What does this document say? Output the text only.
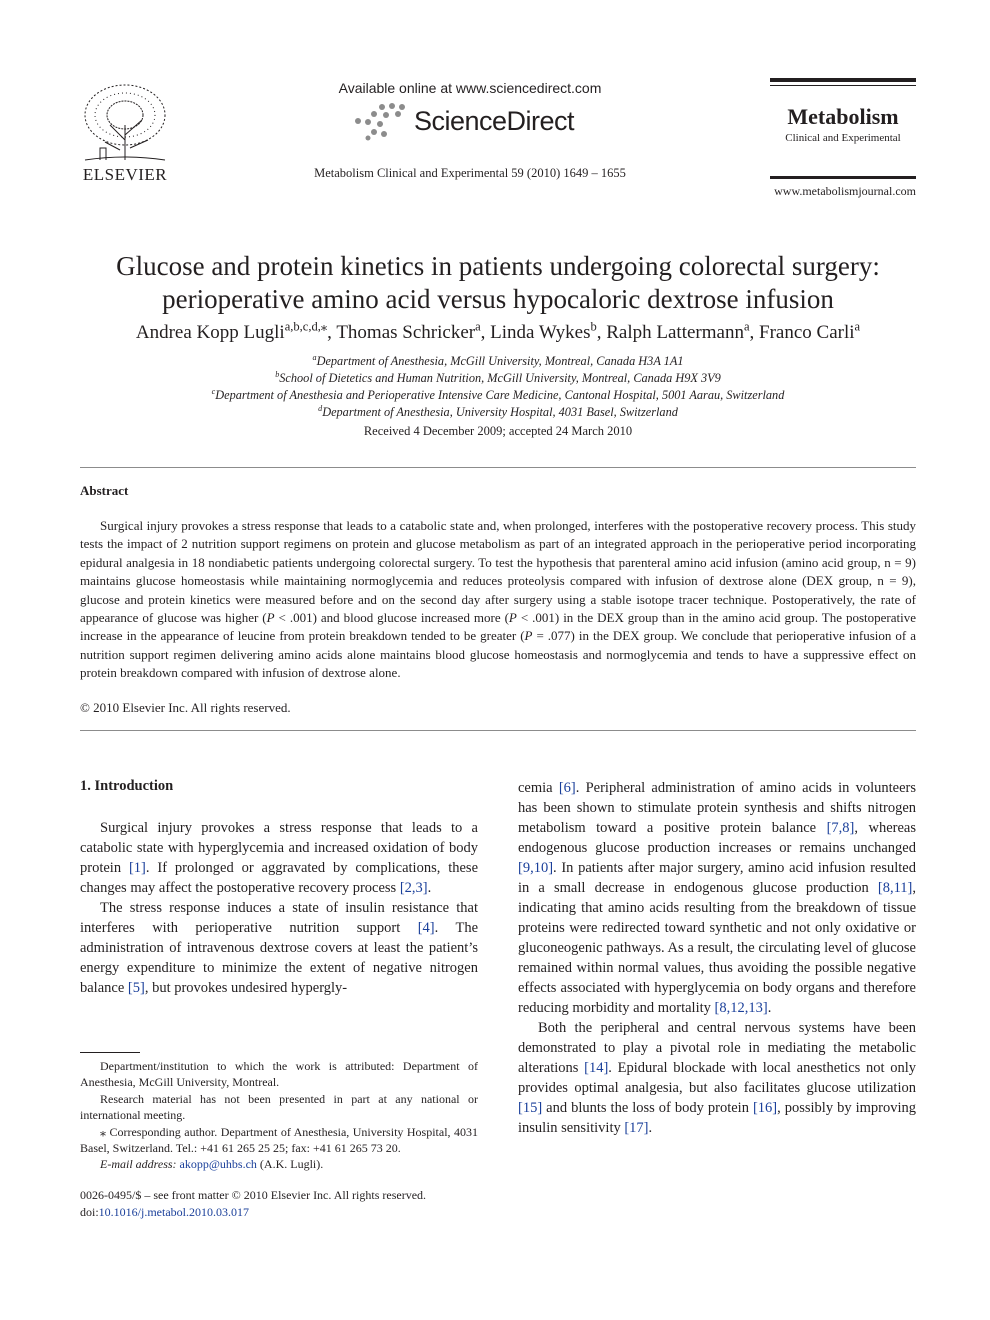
ELSEVIER
Available online at www.sciencedirect.com
ScienceDirect
Metabolism Clinical and Experimental 59 (2010) 1649 – 1655
Metabolism
Clinical and Experimental
www.metabolismjournal.com
Glucose and protein kinetics in patients undergoing colorectal surgery:
perioperative amino acid versus hypocaloric dextrose infusion
Andrea Kopp Lugli$^{a,b,c,d,⁎}$, Thomas Schricker$^a$, Linda Wykes$^b$, Ralph Lattermann$^a$, Franco Carli$^a$
$^a$Department of Anesthesia, McGill University, Montreal, Canada H3A 1A1
$^b$School of Dietetics and Human Nutrition, McGill University, Montreal, Canada H9X 3V9
$^c$Department of Anesthesia and Perioperative Intensive Care Medicine, Cantonal Hospital, 5001 Aarau, Switzerland
$^d$Department of Anesthesia, University Hospital, 4031 Basel, Switzerland
Received 4 December 2009; accepted 24 March 2010
Abstract

Surgical injury provokes a stress response that leads to a catabolic state and, when prolonged, interferes with the postoperative recovery process. This study tests the impact of 2 nutrition support regimens on protein and glucose metabolism as part of an integrated approach in the perioperative period incorporating epidural analgesia in 18 nondiabetic patients undergoing colorectal surgery. To test the hypothesis that parenteral amino acid infusion (amino acid group, n = 9) maintains glucose homeostasis while maintaining normoglycemia and reduces proteolysis compared with infusion of dextrose alone (DEX group, n = 9), glucose and protein kinetics were measured before and on the second day after surgery using a stable isotope tracer technique. Postoperatively, the rate of appearance of glucose was higher (P < .001) and blood glucose increased more (P < .001) in the DEX group than in the amino acid group. The postoperative increase in the appearance of leucine from protein breakdown tended to be greater (P = .077) in the DEX group. We conclude that perioperative infusion of a nutrition support regimen delivering amino acids alone maintains blood glucose homeostasis and normoglycemia and tends to have a suppressive effect on protein breakdown compared with infusion of dextrose alone.

© 2010 Elsevier Inc. All rights reserved.
1. Introduction

Surgical injury provokes a stress response that leads to a catabolic state with hyperglycemia and increased oxidation of body protein [1]. If prolonged or aggravated by complications, these changes may affect the postoperative recovery process [2,3].

The stress response induces a state of insulin resistance that interferes with perioperative nutrition support [4]. The administration of intravenous dextrose covers at least the patient’s energy expenditure to minimize the extent of negative nitrogen balance [5], but provokes undesired hypergly-

cemia [6]. Peripheral administration of amino acids in volunteers has been shown to stimulate protein synthesis and shifts nitrogen metabolism toward a positive protein balance [7,8], whereas endogenous glucose production increases or remains unchanged [9,10]. In patients after major surgery, amino acid infusion resulted in a small decrease in endogenous glucose production [8,11], indicating that amino acids resulting from the breakdown of tissue proteins were redirected toward synthetic and not only oxidative or gluconeogenic pathways. As a result, the circulating level of glucose remained within normal values, thus avoiding the possible negative effects associated with hyperglycemia on body organs and therefore reducing morbidity and mortality [8,12,13].

Both the peripheral and central nervous systems have been demonstrated to play a pivotal role in mediating the metabolic alterations [14]. Epidural blockade with local anesthetics not only provides optimal analgesia, but also facilitates glucose utilization [15] and blunts the loss of body protein [16], possibly by improving insulin sensitivity [17].

Department/institution to which the work is attributed: Department of Anesthesia, McGill University, Montreal.

Research material has not been presented in part at any national or international meeting.

⁎ Corresponding author. Department of Anesthesia, University Hospital, 4031 Basel, Switzerland. Tel.: +41 61 265 25 25; fax: +41 61 265 73 20.

E-mail address: akopp@uhbs.ch (A.K. Lugli).

0026-0495/$ – see front matter © 2010 Elsevier Inc. All rights reserved.
doi:10.1016/j.metabol.2010.03.017
